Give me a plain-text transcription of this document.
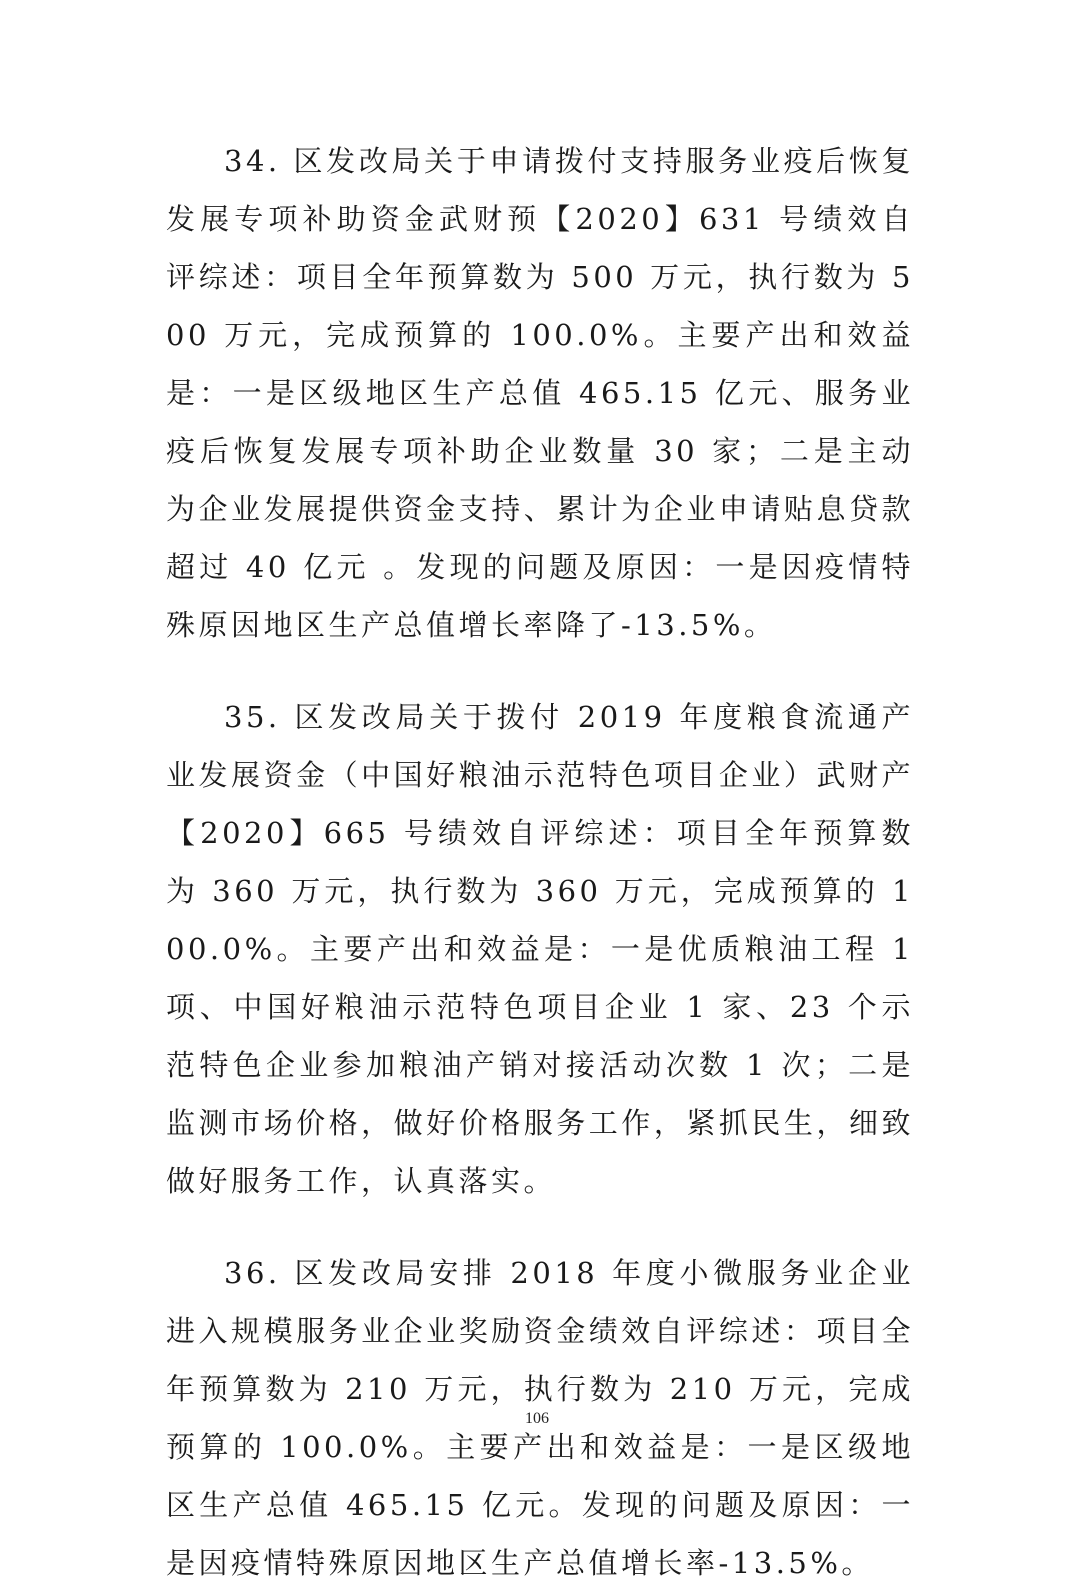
34. 区发改局关于申请拨付支持服务业疫后恢复发展专项补助资金武财预【2020】631 号绩效自评综述：项目全年预算数为 500 万元，执行数为 500 万元，完成预算的 100.0%。主要产出和效益是：一是区级地区生产总值 465.15 亿元、服务业疫后恢复发展专项补助企业数量 30 家；二是主动为企业发展提供资金支持、累计为企业申请贴息贷款超过 40 亿元 。发现的问题及原因：一是因疫情特殊原因地区生产总值增长率降了-13.5%。

35. 区发改局关于拨付 2019 年度粮食流通产业发展资金（中国好粮油示范特色项目企业）武财产【2020】665 号绩效自评综述：项目全年预算数为 360 万元，执行数为 360 万元，完成预算的 100.0%。主要产出和效益是：一是优质粮油工程 1 项、中国好粮油示范特色项目企业 1 家、23 个示范特色企业参加粮油产销对接活动次数 1 次；二是监测市场价格，做好价格服务工作，紧抓民生，细致做好服务工作，认真落实。

36. 区发改局安排 2018 年度小微服务业企业进入规模服务业企业奖励资金绩效自评综述：项目全年预算数为 210 万元，执行数为 210 万元，完成预算的 100.0%。主要产出和效益是：一是区级地区生产总值 465.15 亿元。发现的问题及原因：一是因疫情特殊原因地区生产总值增长率-13.5%。

106
